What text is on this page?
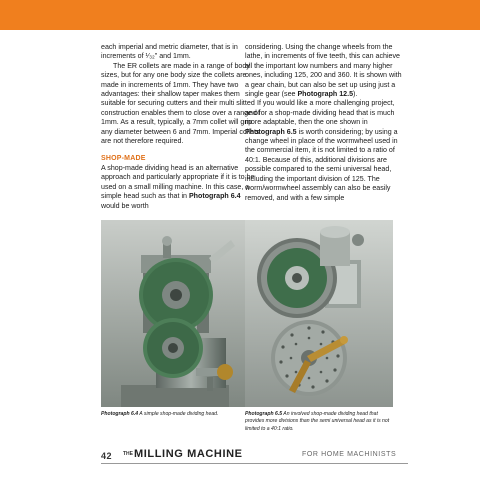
each imperial and metric diameter, that is in increments of ¹⁄₃₂" and 1mm.

The ER collets are made in a range of body sizes, but for any one body size the collets are made in increments of 1mm. They have two advantages: their shallow taper makes them suitable for securing cutters and their multi slitted construction enables them to close over a range of 1mm. As a result, typically, a 7mm collet will grip any diameter between 6 and 7mm. Imperial collets are not therefore required.

SHOP-MADE

A shop-made dividing head is an alternative approach and particularly appropriate if it is to be used on a small milling machine. In this case, a simple head such as that in Photograph 6.4 would be worth

considering. Using the change wheels from the lathe, in increments of five teeth, this can achieve all the important low numbers and many higher ones, including 125, 200 and 360. It is shown with a gear chain, but can also be set up using just a single gear (see Photograph 12.5).

If you would like a more challenging project, and for a shop-made dividing head that is much more adaptable, then the one shown in Photograph 6.5 is worth considering; by using a change wheel in place of the wormwheel used in the commercial item, it is not limited to a ratio of 40:1. Because of this, additional divisions are possible compared to the semi universal head, including the important division of 125. The worm/wormwheel assembly can also be easily removed, and with a few simple

Photograph 6.4 A simple shop-made dividing head.	Photograph 6.5 An involved shop-made dividing head that provides more divisions than the semi universal head as it is not limited to a 40:1 ratio.
42 THE MILLING MACHINE	FOR HOME MACHINISTS
